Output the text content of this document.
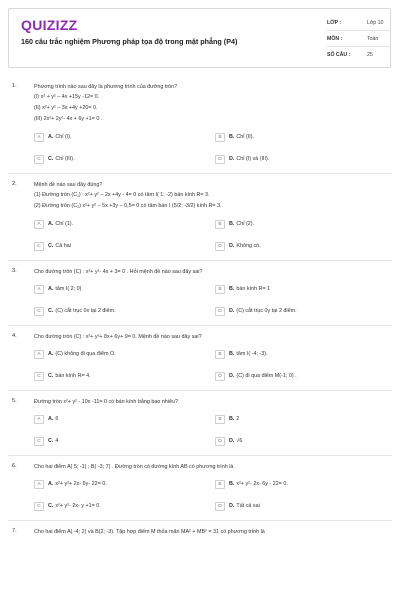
QUIZIZZ
160 câu trắc nghiệm Phương pháp tọa độ trong mặt phẳng (P4)
LỚP :	Lớp 10
MÔN :	Toán
SỐ CÂU :	25
1.	Phương trình nào sau đây là phương trình của đường tròn?
(I) x² + y² – 4x +15y -12= 0.
(II) x²+ y² – 3x +4y +20= 0.
(III) 2x²+ 2y²- 4x + 6y +1= 0 .
A	A. Chỉ (I).	B	B. Chỉ (II).
C	C. Chỉ (III).	D	D. Chỉ (I) và (III).
2.	Mệnh đề nào sau đây đúng?
(1) Đường tròn (C₁) : x²+ y² – 2x +4y - 4= 0 có tâm I( 1; -2) bán kính R= 3.
(2) Đường tròn (C₂) x²+ y² – 5x +3y – 0,5= 0 có tâm bán I (5/2; -3/2) kính R= 3.
A	A. Chỉ (1).	B	B. Chỉ (2).
C	C. Cả hai	D	D. Không có.
3.	Cho đường tròn (C) : x²+ y²- 4x + 3= 0 . Hỏi mệnh đề nào sau đây sai?
A	A. tâm I( 2; 0)	B	B. bán kính R= 1
C	C. (C) cắt trục 0x tại 2 điểm.	D	D. (C) cắt trục 0y tại 2 điểm.
4.	Cho đường tròn (C) : x²+ y²+ 8x+ 6y+ 9= 0. Mệnh đề nào sau đây sai?
A	A. (C) không đi qua điểm O.	B	B. tâm I( -4; -3).
C	C. bán kính R= 4.	D	D. (C) đi qua điểm M(-1; 0) .
5.	Đường tròn x²+ y² - 10x -11= 0 có bán kính bằng bao nhiêu?
A	A. 6	B	B. 2
C	C. 4	D	D. √6
6.	Cho hai điểm A( 5; -1) ; B( -3; 7) . Đường tròn có đường kính AB có phương trình là
A	A. x²+ y²+ 2x- 6y- 22= 0.	B	B. x²+ y²- 2x- 6y - 22= 0.
C	C. x²+ y²- 2x- y +1= 0.	D	D. Tất cả sai
7.	Cho hai điểm A( -4; 2) và B(2; -3). Tập hợp điểm M thỏa mãn MA² + MB² = 31 có phương trình là
